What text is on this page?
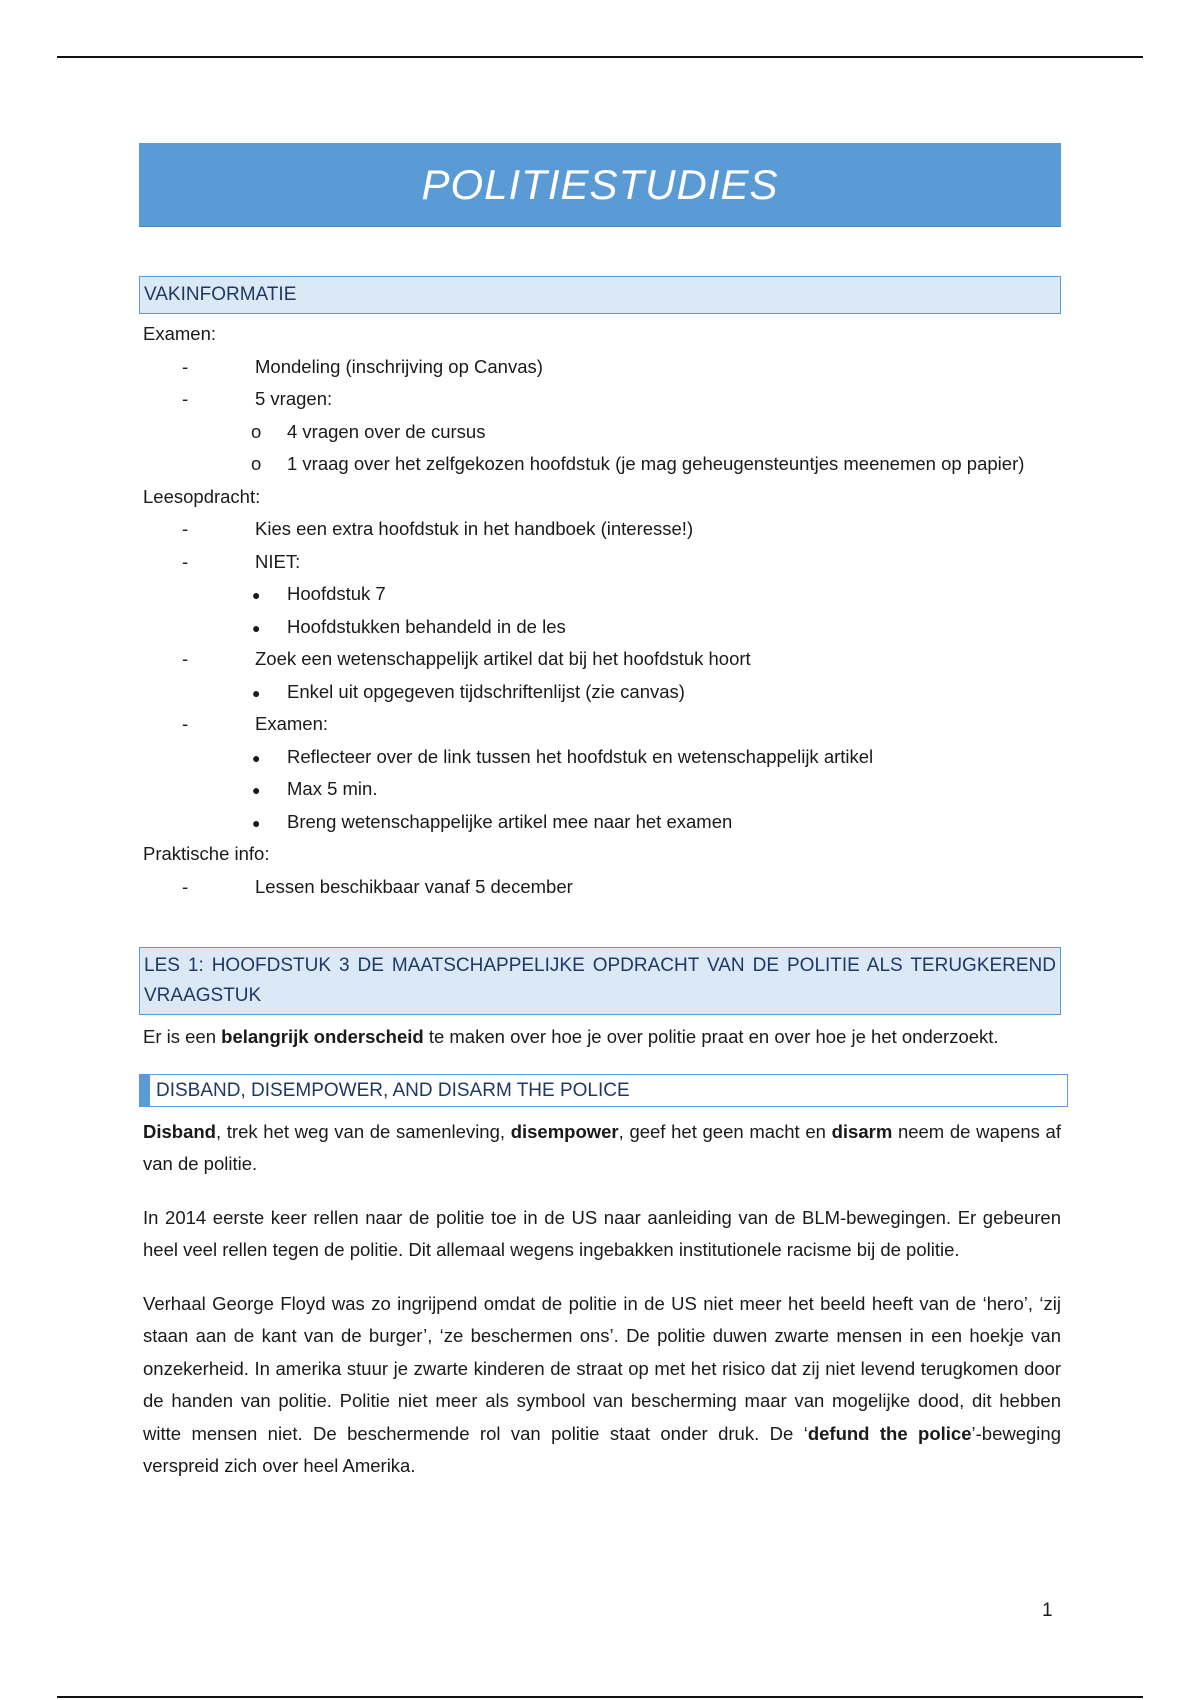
POLITIESTUDIES
VAKINFORMATIE

Examen:

-	Mondeling (inschrijving op Canvas)
-	5 vragen:
o 4 vragen over de cursus
o 1 vraag over het zelfgekozen hoofdstuk (je mag geheugensteuntjes meenemen op papier)

Leesopdracht:

-	Kies een extra hoofdstuk in het handboek (interesse!)
-	NIET:
● Hoofdstuk 7
● Hoofdstukken behandeld in de les
-	Zoek een wetenschappelijk artikel dat bij het hoofdstuk hoort
● Enkel uit opgegeven tijdschriftenlijst (zie canvas)
-	Examen:
● Reflecteer over de link tussen het hoofdstuk en wetenschappelijk artikel
● Max 5 min.
● Breng wetenschappelijke artikel mee naar het examen

Praktische info:

-	Lessen beschikbaar vanaf 5 december
LES 1: HOOFDSTUK 3 DE MAATSCHAPPELIJKE OPDRACHT VAN DE POLITIE ALS TERUGKEREND VRAAGSTUK

Er is een belangrijk onderscheid te maken over hoe je over politie praat en over hoe je het onderzoekt.

DISBAND, DISEMPOWER, AND DISARM THE POLICE

Disband, trek het weg van de samenleving, disempower, geef het geen macht en disarm neem de wapens af van de politie.

In 2014 eerste keer rellen naar de politie toe in de US naar aanleiding van de BLM-bewegingen. Er gebeuren heel veel rellen tegen de politie. Dit allemaal wegens ingebakken institutionele racisme bij de politie.

Verhaal George Floyd was zo ingrijpend omdat de politie in de US niet meer het beeld heeft van de ‘hero’, ‘zij staan aan de kant van de burger’, ‘ze beschermen ons’. De politie duwen zwarte mensen in een hoekje van onzekerheid. In amerika stuur je zwarte kinderen de straat op met het risico dat zij niet levend terugkomen door de handen van politie. Politie niet meer als symbool van bescherming maar van mogelijke dood, dit hebben witte mensen niet. De beschermende rol van politie staat onder druk. De ‘defund the police’-beweging verspreid zich over heel Amerika.

1
